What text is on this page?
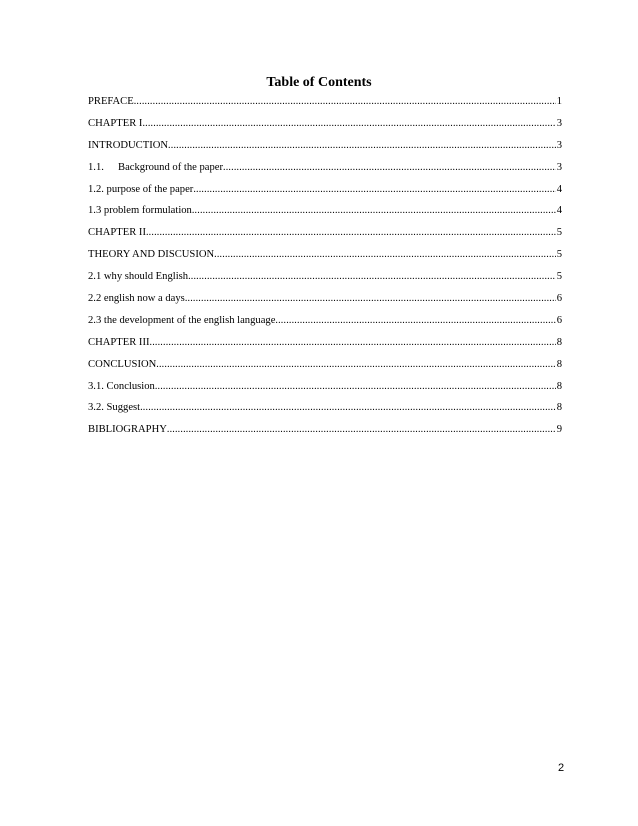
Table of Contents
PREFACE .....	1
CHAPTER I .....	3
INTRODUCTION .....	3
1.1.	Background of the paper .....	3
1.2. purpose of the paper .....	4
1.3 problem formulation .....	4
CHAPTER II .....	5
THEORY AND DISCUSION .....	5
2.1 why should English .....	5
2.2 english now a days .....	6
2.3 the development of the english language .....	6
CHAPTER III .....	8
CONCLUSION .....	8
3.1. Conclusion .....	8
3.2. Suggest .....	8
BIBLIOGRAPHY .....	9
2
